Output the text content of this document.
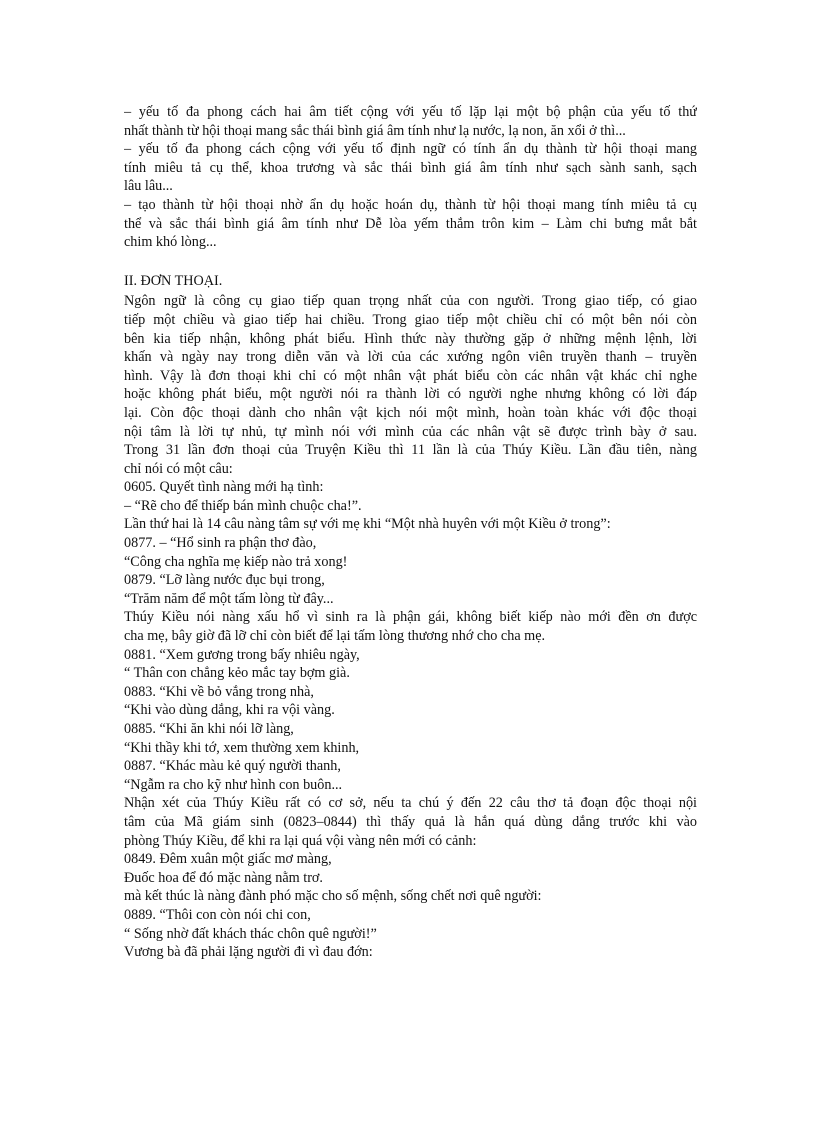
– yếu tố đa phong cách hai âm tiết cộng với yếu tố lặp lại một bộ phận của yếu tố thứ
nhất thành từ hội thoại mang sắc thái bình giá âm tính như lạ nước, lạ non, ăn xổi ở thì...
– yếu tố đa phong cách cộng với yếu tố định ngữ có tính ẩn dụ thành từ hội thoại mang
tính miêu tả cụ thể, khoa trương và sắc thái bình giá âm tính như sạch sành sanh, sạch
lâu lâu...
– tạo thành từ hội thoại nhờ ẩn dụ hoặc hoán dụ, thành từ hội thoại mang tính miêu tả cụ
thể và sắc thái bình giá âm tính như Dễ lòa yếm thắm trôn kim – Làm chi bưng mắt bắt
chim khó lòng...
II. ĐƠN THOẠI.
Ngôn ngữ là công cụ giao tiếp quan trọng nhất của con người. Trong giao tiếp, có giao
tiếp một chiều và giao tiếp hai chiều. Trong giao tiếp một chiều chỉ có một bên nói còn
bên kia tiếp nhận, không phát biểu. Hình thức này thường gặp ở những mệnh lệnh, lời
khấn và ngày nay trong diễn văn và lời của các xướng ngôn viên truyền thanh – truyền
hình. Vậy là đơn thoại khi chỉ có một nhân vật phát biểu còn các nhân vật khác chỉ nghe
hoặc không phát biểu, một người nói ra thành lời có người nghe nhưng không có lời đáp
lại. Còn độc thoại dành cho nhân vật kịch nói một mình, hoàn toàn khác với độc thoại
nội tâm là lời tự nhủ, tự mình nói với mình của các nhân vật sẽ được trình bày ở sau.
Trong 31 lần đơn thoại của Truyện Kiều thì 11 lần là của Thúy Kiều. Lần đầu tiên, nàng
chỉ nói có một câu:
0605. Quyết tình nàng mới hạ tình:
– “Rẽ cho để thiếp bán mình chuộc cha!”.
Lần thứ hai là 14 câu nàng tâm sự với mẹ khi “Một nhà huyên với một Kiều ở trong”:
0877. – “Hổ sinh ra phận thơ đào,
“Công cha nghĩa mẹ kiếp nào trả xong!
0879. “Lỡ làng nước đục bụi trong,
“Trăm năm để một tấm lòng từ đây...
Thúy Kiều nói nàng xấu hổ vì sinh ra là phận gái, không biết kiếp nào mới đền ơn được
cha mẹ, bây giờ đã lỡ chỉ còn biết để lại tấm lòng thương nhớ cho cha mẹ.
0881. “Xem gương trong bấy nhiêu ngày,
“ Thân con chẳng kẻo mắc tay bợm già.
0883. “Khi về bỏ vắng trong nhà,
“Khi vào dùng dắng, khi ra vội vàng.
0885. “Khi ăn khi nói lỡ làng,
“Khi thầy khi tớ, xem thường xem khinh,
0887. “Khác màu kẻ quý người thanh,
“Ngẫm ra cho kỹ như hình con buôn...
Nhận xét của Thúy Kiều rất có cơ sở, nếu ta chú ý đến 22 câu thơ tả đoạn độc thoại nội
tâm của Mã giám sinh (0823–0844) thì thấy quả là hắn quá dùng dắng trước khi vào
phòng Thúy Kiều, để khi ra lại quá vội vàng nên mới có cảnh:
0849. Đêm xuân một giấc mơ màng,
Đuốc hoa để đó mặc nàng nằm trơ.
mà kết thúc là nàng đành phó mặc cho số mệnh, sống chết nơi quê người:
0889. “Thôi con còn nói chi con,
“ Sống nhờ đất khách thác chôn quê người!”
Vương bà đã phải lặng người đi vì đau đớn:
